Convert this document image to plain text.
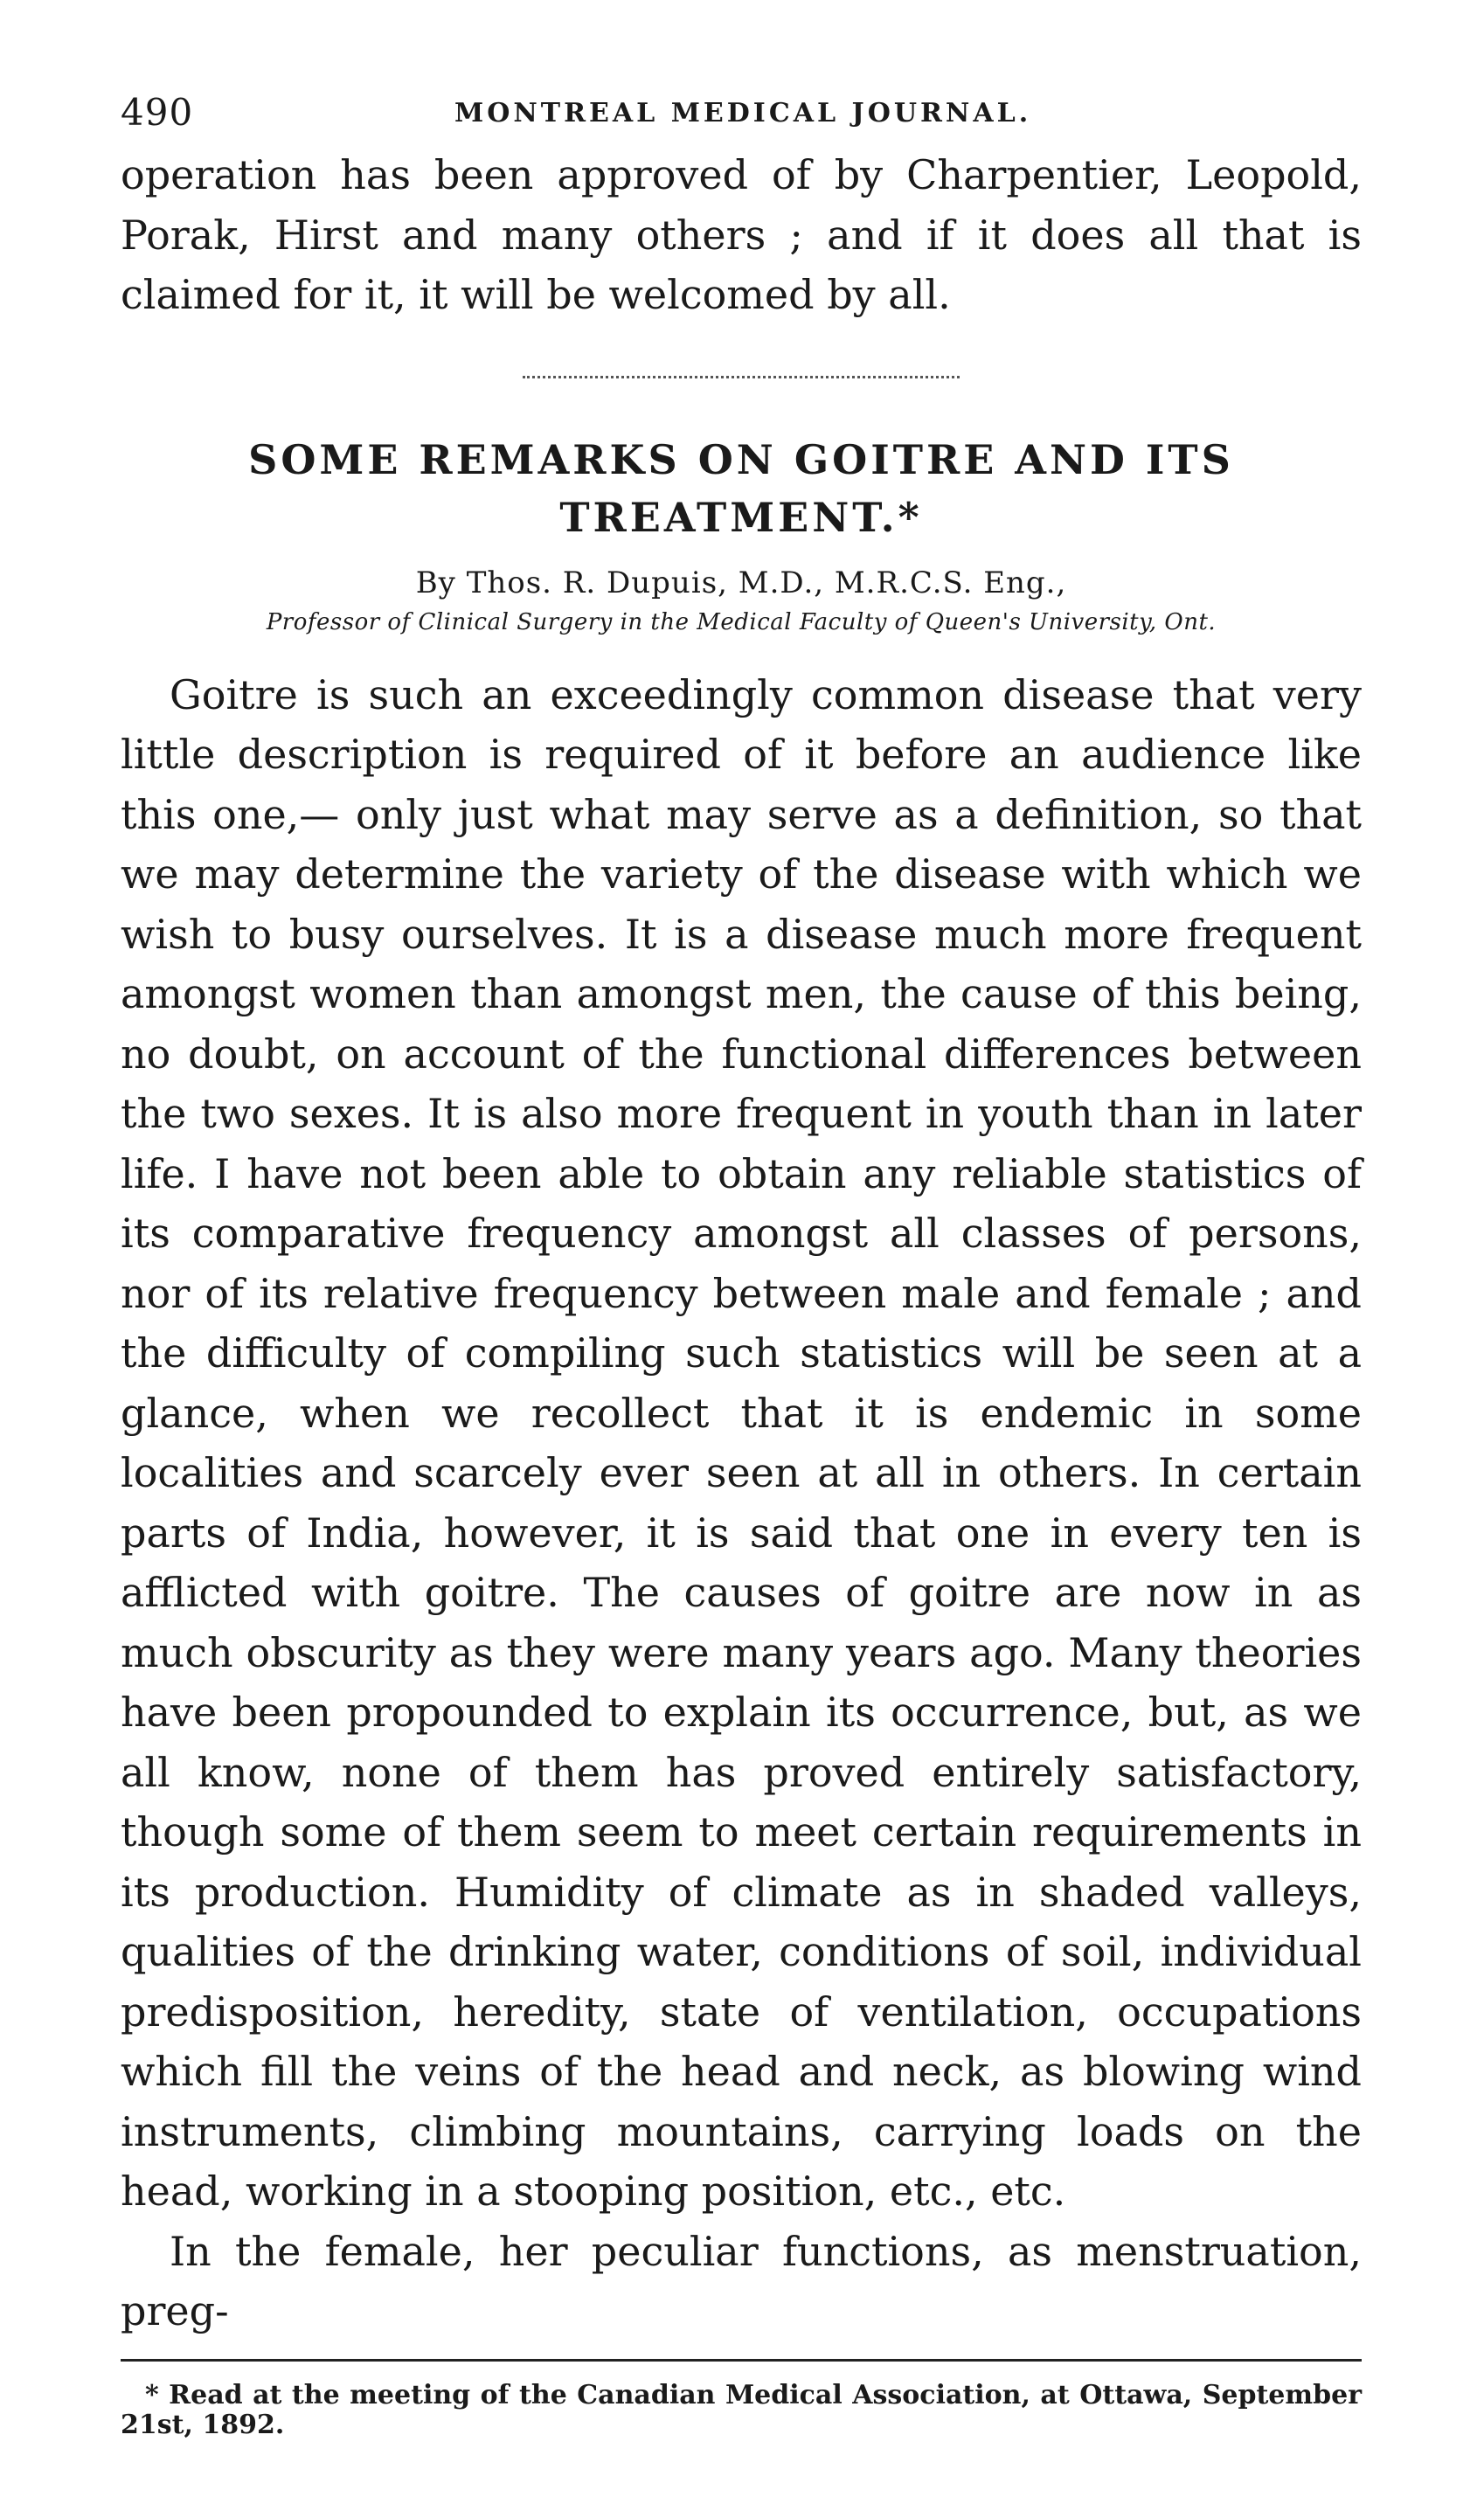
490	MONTREAL MEDICAL JOURNAL.

operation has been approved of by Charpentier, Leopold, Porak, Hirst and many others ; and if it does all that is claimed for it, it will be welcomed by all.

SOME REMARKS ON GOITRE AND ITS TREATMENT.*
By Thos. R. Dupuis, M.D., M.R.C.S. Eng.,
Professor of Clinical Surgery in the Medical Faculty of Queen's University, Ont.

Goitre is such an exceedingly common disease that very little description is required of it before an audience like this one,— only just what may serve as a definition, so that we may determine the variety of the disease with which we wish to busy ourselves. It is a disease much more frequent amongst women than amongst men, the cause of this being, no doubt, on account of the functional differences between the two sexes. It is also more frequent in youth than in later life. I have not been able to obtain any reliable statistics of its comparative frequency amongst all classes of persons, nor of its relative frequency between male and female ; and the difficulty of compiling such statistics will be seen at a glance, when we recollect that it is endemic in some localities and scarcely ever seen at all in others. In certain parts of India, however, it is said that one in every ten is afflicted with goitre. The causes of goitre are now in as much obscurity as they were many years ago. Many theories have been propounded to explain its occurrence, but, as we all know, none of them has proved entirely satisfactory, though some of them seem to meet certain requirements in its production. Humidity of climate as in shaded valleys, qualities of the drinking water, conditions of soil, individual predisposition, heredity, state of ventilation, occupations which fill the veins of the head and neck, as blowing wind instruments, climbing mountains, carrying loads on the head, working in a stooping position, etc., etc.

In the female, her peculiar functions, as menstruation, preg-

* Read at the meeting of the Canadian Medical Association, at Ottawa, September 21st, 1892.
